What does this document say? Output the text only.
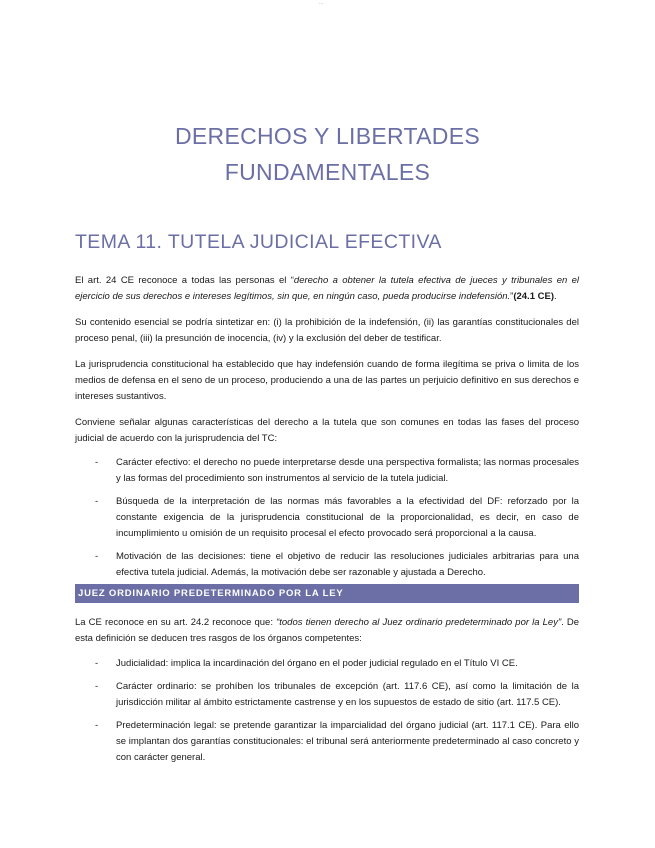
...
DERECHOS Y LIBERTADES
FUNDAMENTALES
TEMA 11. TUTELA JUDICIAL EFECTIVA

El art. 24 CE reconoce a todas las personas el “derecho a obtener la tutela efectiva de jueces y tribunales en el ejercicio de sus derechos e intereses legítimos, sin que, en ningún caso, pueda producirse indefensión.”(24.1 CE).

Su contenido esencial se podría sintetizar en: (i) la prohibición de la indefensión, (ii) las garantías constitucionales del proceso penal, (iii) la presunción de inocencia, (iv) y la exclusión del deber de testificar.

La jurisprudencia constitucional ha establecido que hay indefensión cuando de forma ilegítima se priva o limita de los medios de defensa en el seno de un proceso, produciendo a una de las partes un perjuicio definitivo en sus derechos e intereses sustantivos.

Conviene señalar algunas características del derecho a la tutela que son comunes en todas las fases del proceso judicial de acuerdo con la jurisprudencia del TC:

- Carácter efectivo: el derecho no puede interpretarse desde una perspectiva formalista; las normas procesales y las formas del procedimiento son instrumentos al servicio de la tutela judicial.
- Búsqueda de la interpretación de las normas más favorables a la efectividad del DF: reforzado por la constante exigencia de la jurisprudencia constitucional de la proporcionalidad, es decir, en caso de incumplimiento u omisión de un requisito procesal el efecto provocado será proporcional a la causa.
- Motivación de las decisiones: tiene el objetivo de reducir las resoluciones judiciales arbitrarias para una efectiva tutela judicial. Además, la motivación debe ser razonable y ajustada a Derecho.
JUEZ ORDINARIO PREDETERMINADO POR LA LEY

La CE reconoce en su art. 24.2 reconoce que: “todos tienen derecho al Juez ordinario predeterminado por la Ley”. De esta definición se deducen tres rasgos de los órganos competentes:

- Judicialidad: implica la incardinación del órgano en el poder judicial regulado en el Título VI CE.
- Carácter ordinario: se prohíben los tribunales de excepción (art. 117.6 CE), así como la limitación de la jurisdicción militar al ámbito estrictamente castrense y en los supuestos de estado de sitio (art. 117.5 CE).
- Predeterminación legal: se pretende garantizar la imparcialidad del órgano judicial (art. 117.1 CE). Para ello se implantan dos garantías constitucionales: el tribunal será anteriormente predeterminado al caso concreto y con carácter general.
